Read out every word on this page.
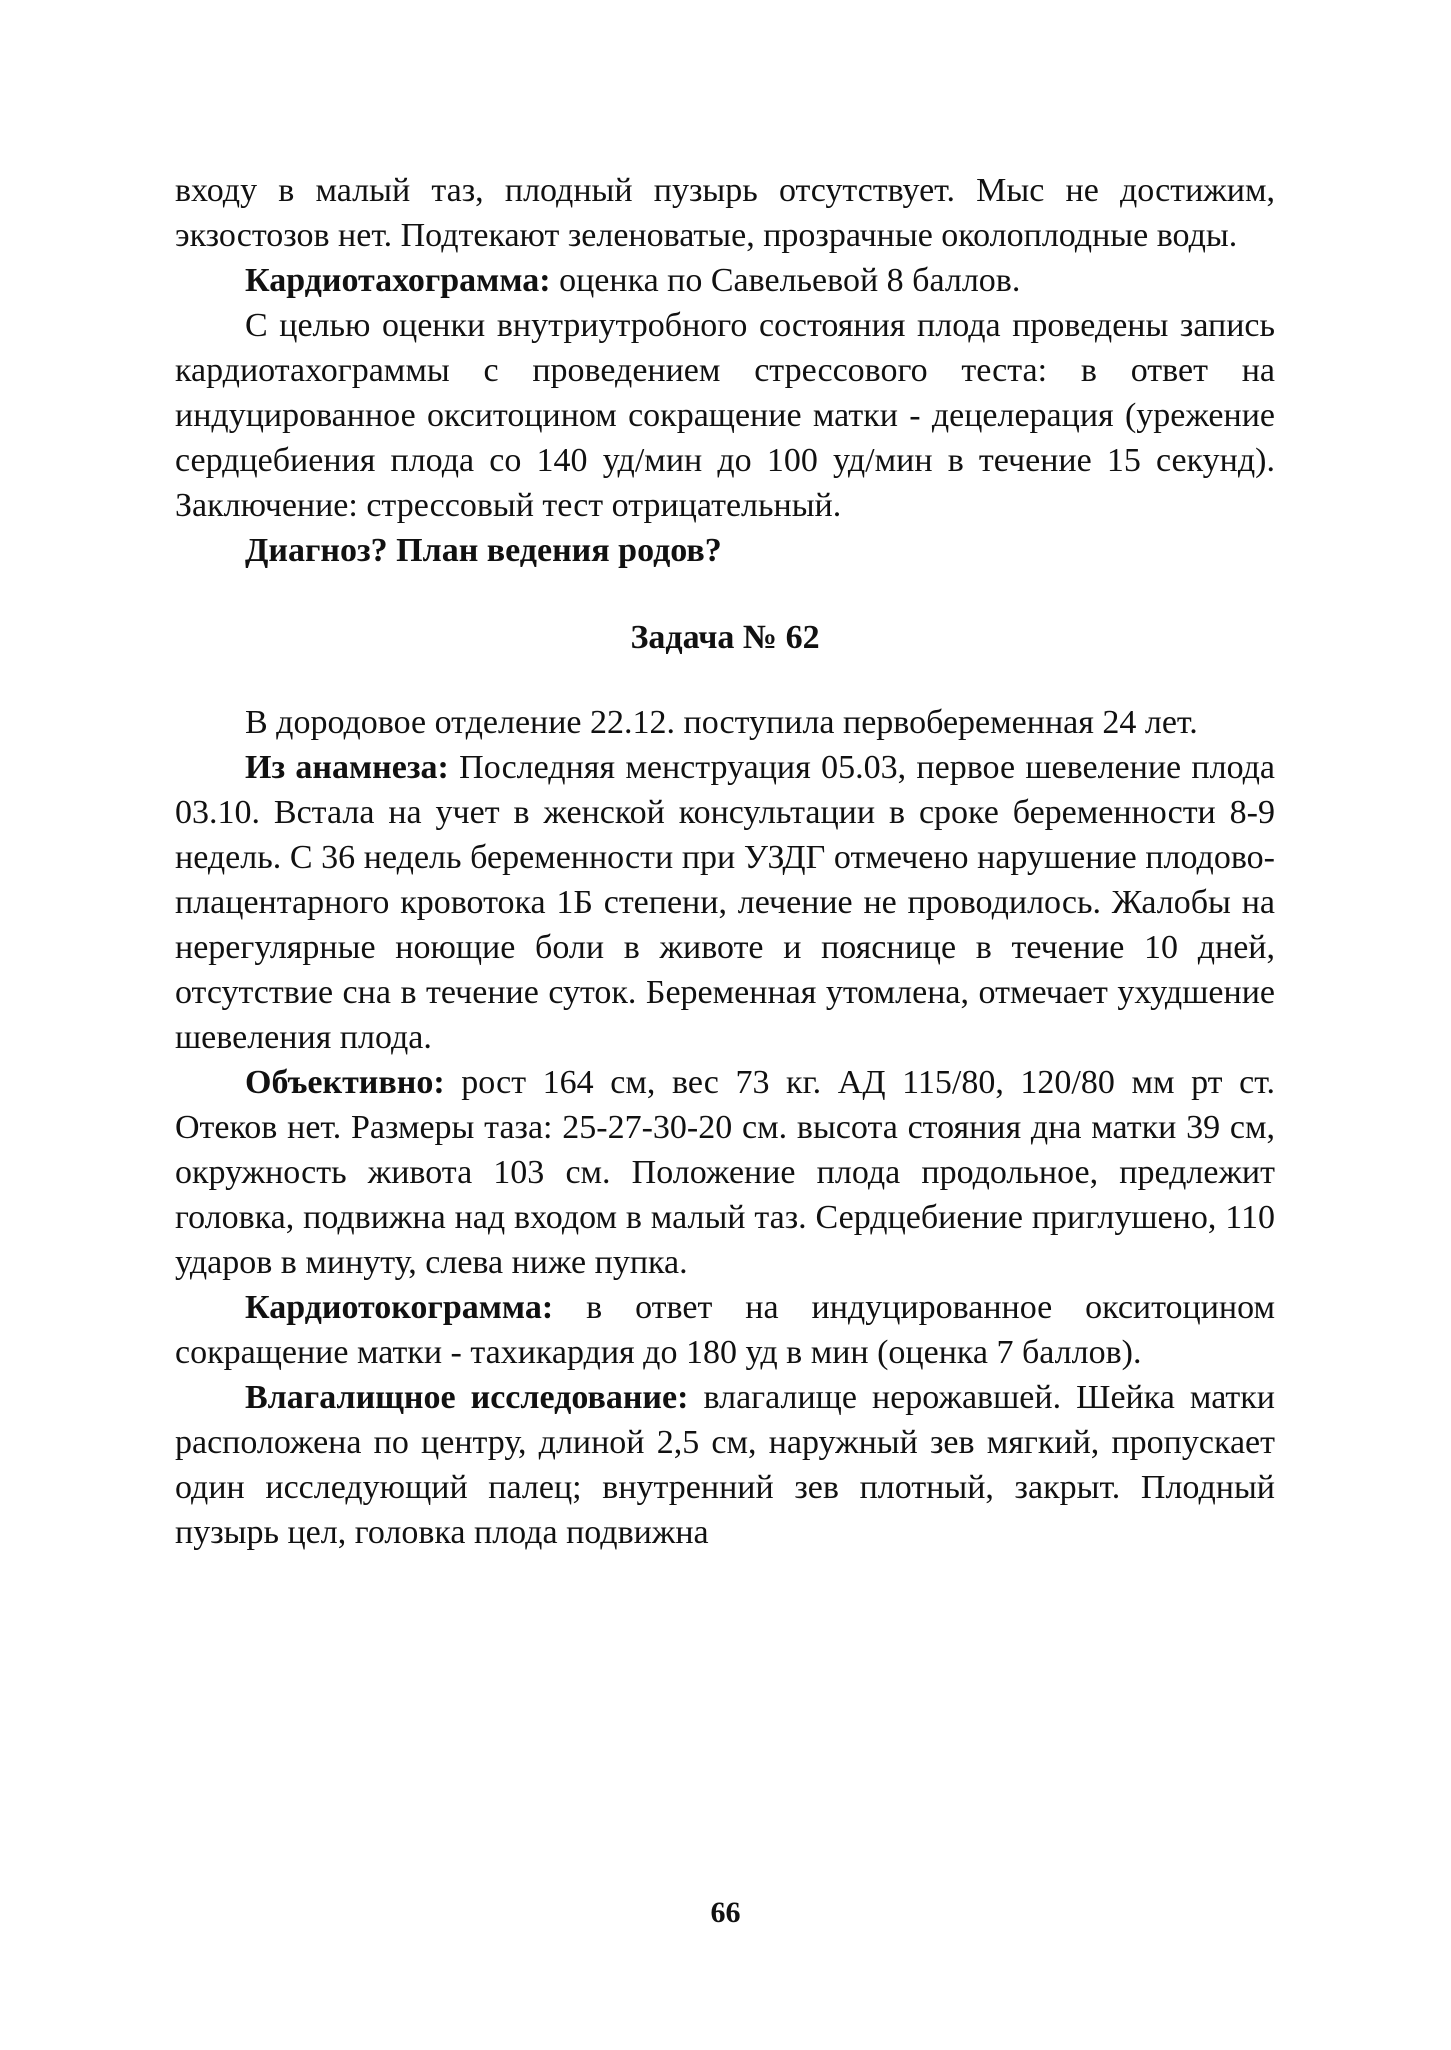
входу в малый таз, плодный пузырь отсутствует. Мыс не достижим, экзостозов нет. Подтекают зеленоватые, прозрачные околоплодные воды.

Кардиотахограмма: оценка по Савельевой 8 баллов.

С целью оценки внутриутробного состояния плода проведены запись кардиотахограммы с проведением стрессового теста: в ответ на индуцированное окситоцином сокращение матки - децелерация (урежение сердцебиения плода со 140 уд/мин до 100 уд/мин в течение 15 секунд). Заключение: стрессовый тест отрицательный.

Диагноз? План ведения родов?

Задача № 62

В дородовое отделение 22.12. поступила первобеременная 24 лет.

Из анамнеза: Последняя менструация 05.03, первое шевеление плода 03.10. Встала на учет в женской консультации в сроке беременности 8-9 недель. С 36 недель беременности при УЗДГ отмечено нарушение плодово-плацентарного кровотока 1Б степени, лечение не проводилось. Жалобы на нерегулярные ноющие боли в животе и пояснице в течение 10 дней, отсутствие сна в течение суток. Беременная утомлена, отмечает ухудшение шевеления плода.

Объективно: рост 164 см, вес 73 кг. АД 115/80, 120/80 мм рт ст. Отеков нет. Размеры таза: 25-27-30-20 см. высота стояния дна матки 39 см, окружность живота 103 см. Положение плода продольное, предлежит головка, подвижна над входом в малый таз. Сердцебиение приглушено, 110 ударов в минуту, слева ниже пупка.

Кардиотокограмма: в ответ на индуцированное окситоцином сокращение матки - тахикардия до 180 уд в мин (оценка 7 баллов).

Влагалищное исследование: влагалище нерожавшей. Шейка матки расположена по центру, длиной 2,5 см, наружный зев мягкий, пропускает один исследующий палец; внутренний зев плотный, закрыт. Плодный пузырь цел, головка плода подвижна

66
